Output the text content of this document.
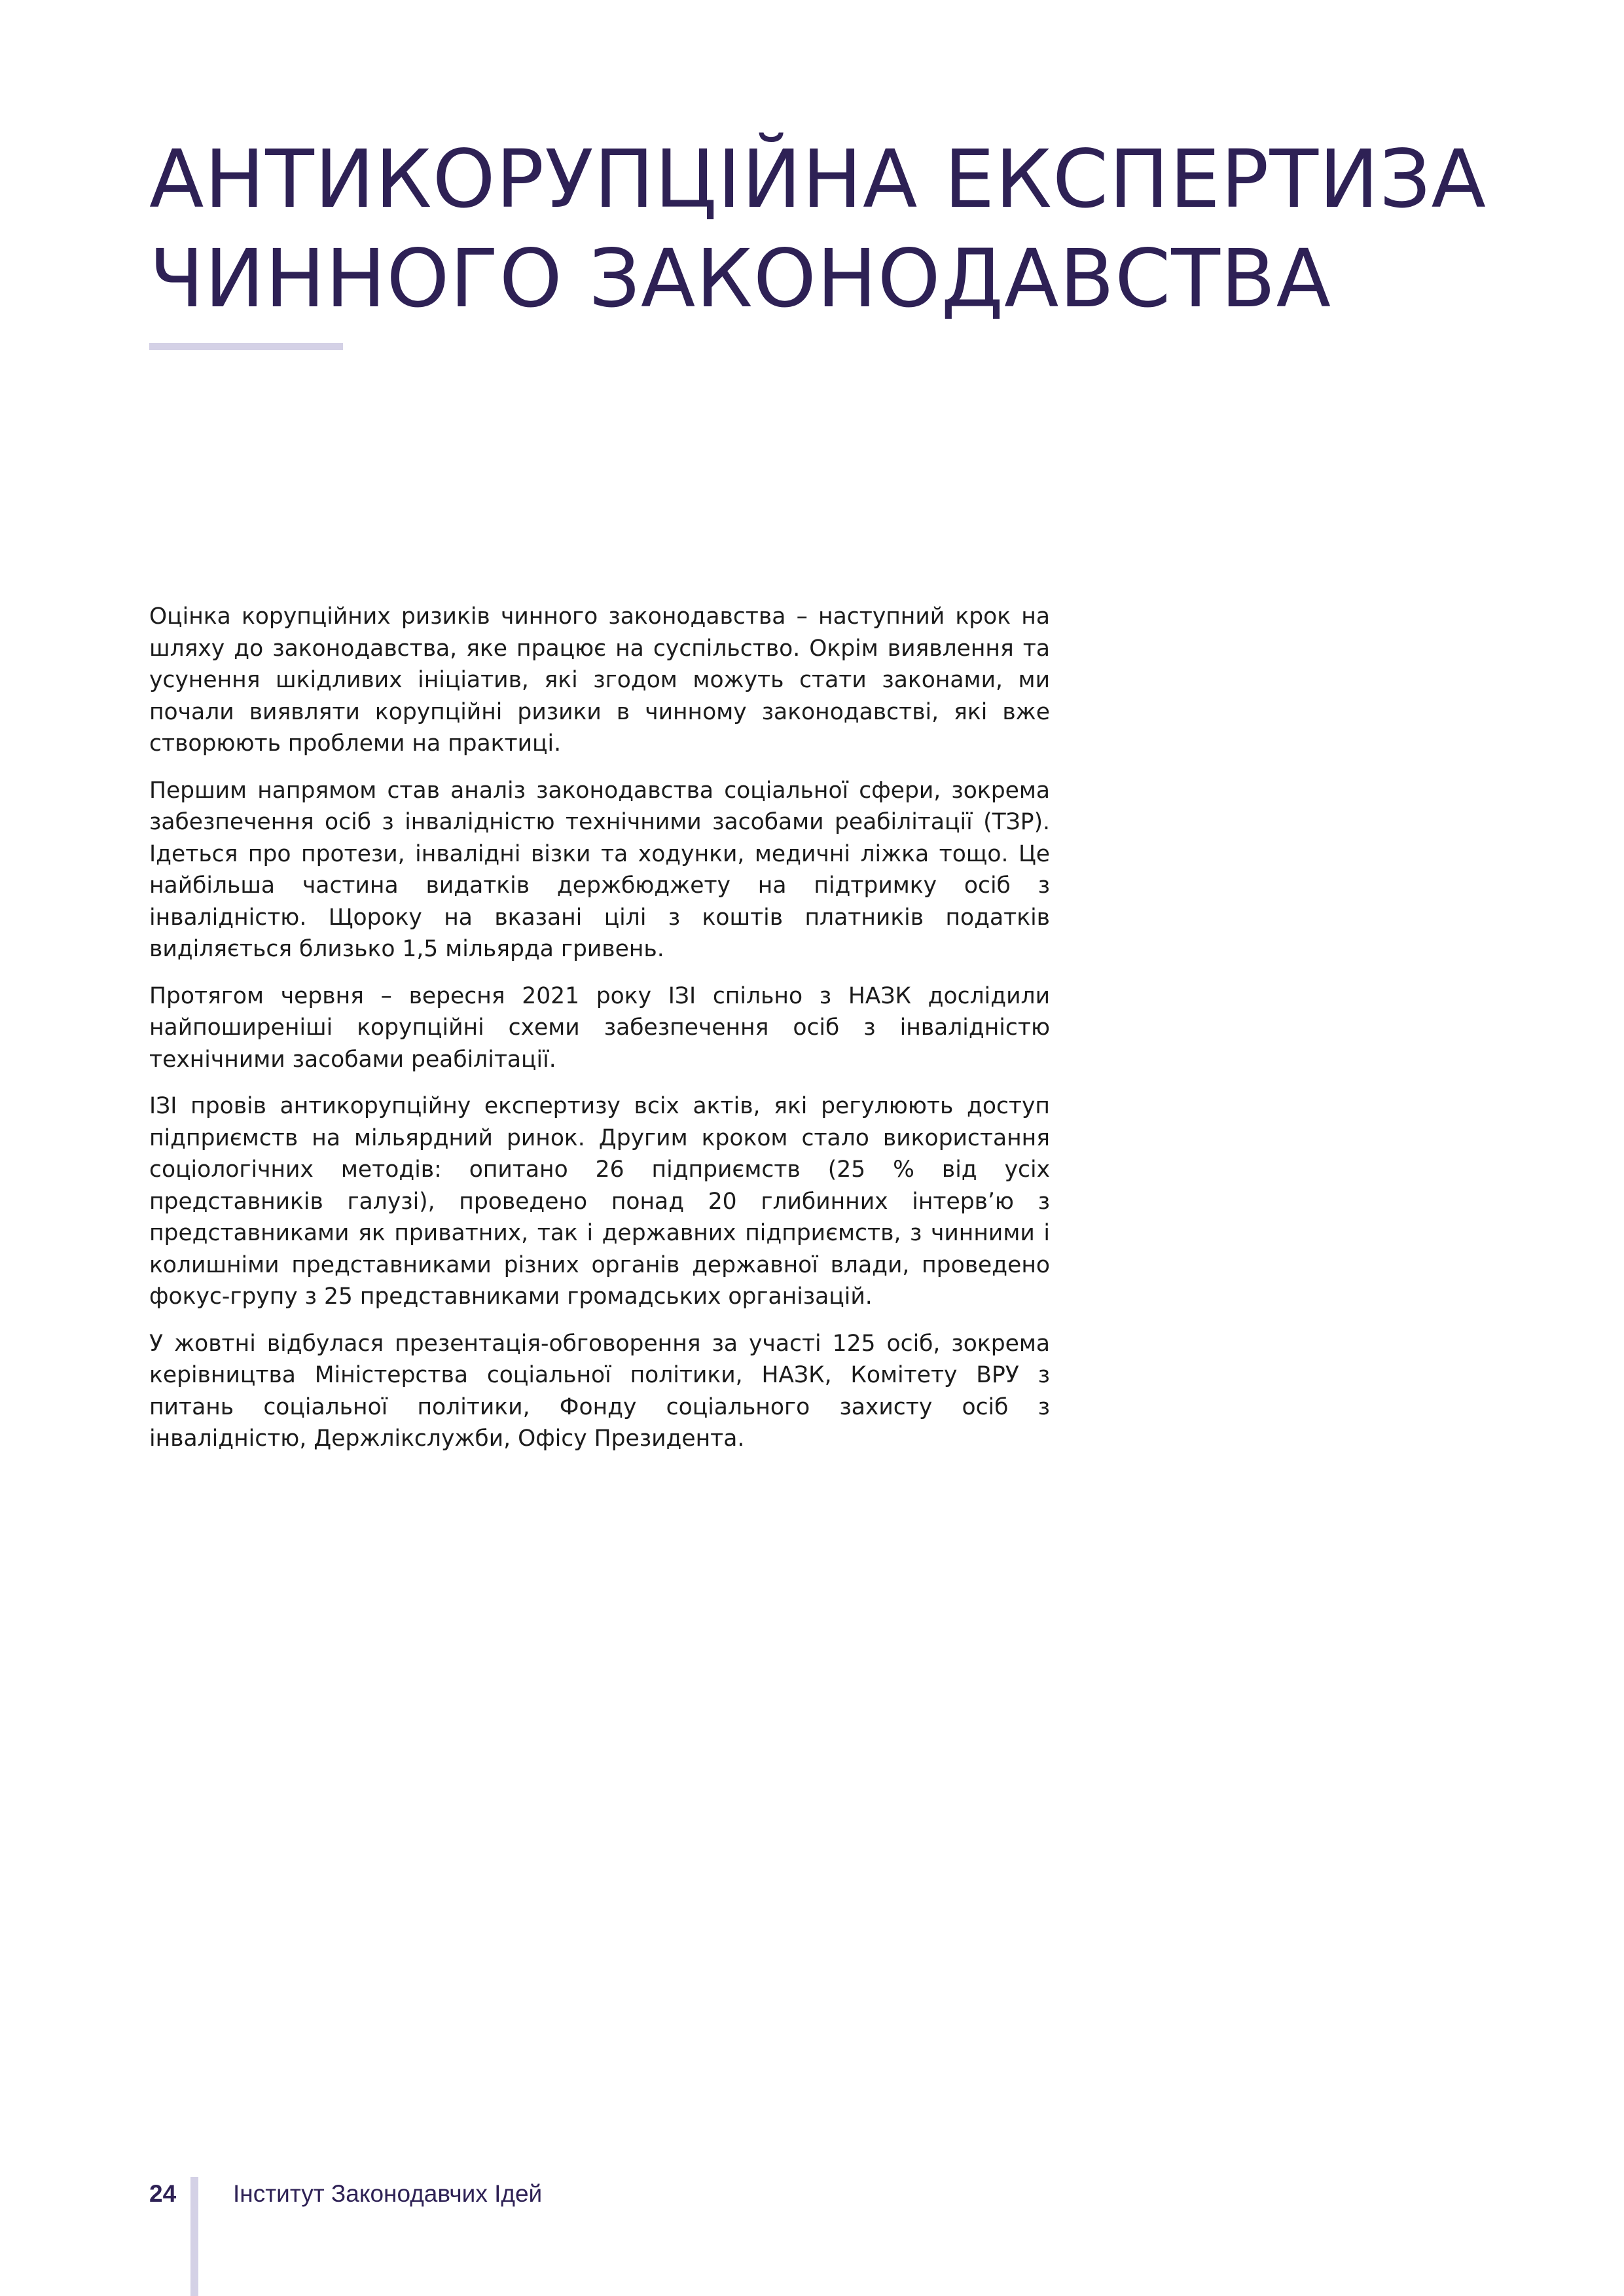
АНТИКОРУПЦІЙНА ЕКСПЕРТИЗА ЧИННОГО ЗАКОНОДАВСТВА

Оцінка корупційних ризиків чинного законодавства – наступний крок на шляху до законодавства, яке працює на суспільство. Окрім виявлення та усунення шкідливих ініціатив, які згодом можуть стати законами, ми почали виявляти корупційні ризики в чинному законодавстві, які вже створюють проблеми на практиці.

Першим напрямом став аналіз законодавства соціальної сфери, зокрема забезпечення осіб з інвалідністю технічними засобами реабілітації (ТЗР). Ідеться про протези, інвалідні візки та ходунки, медичні ліжка тощо. Це найбільша частина видатків держбюджету на підтримку осіб з інвалідністю. Щороку на вказані цілі з коштів платників податків виділяється близько 1,5 мільярда гривень.

Протягом червня – вересня 2021 року ІЗІ спільно з НАЗК дослідили найпоширеніші корупційні схеми забезпечення осіб з інвалідністю технічними засобами реабілітації.

ІЗІ провів антикорупційну експертизу всіх актів, які регулюють доступ підприємств на мільярдний ринок. Другим кроком стало використання соціологічних методів: опитано 26 підприємств (25 % від усіх представників галузі), проведено понад 20 глибинних інтерв’ю з представниками як приватних, так і державних підприємств, з чинними і колишніми представниками різних органів державної влади, проведено фокус-групу з 25 представниками громадських організацій.

У жовтні відбулася презентація-обговорення за участі 125 осіб, зокрема керівництва Міністерства соціальної політики, НАЗК, Комітету ВРУ з питань соціальної політики, Фонду соціального захисту осіб з інвалідністю, Держлікслужби, Офісу Президента.

24 Інститут Законодавчих Ідей
